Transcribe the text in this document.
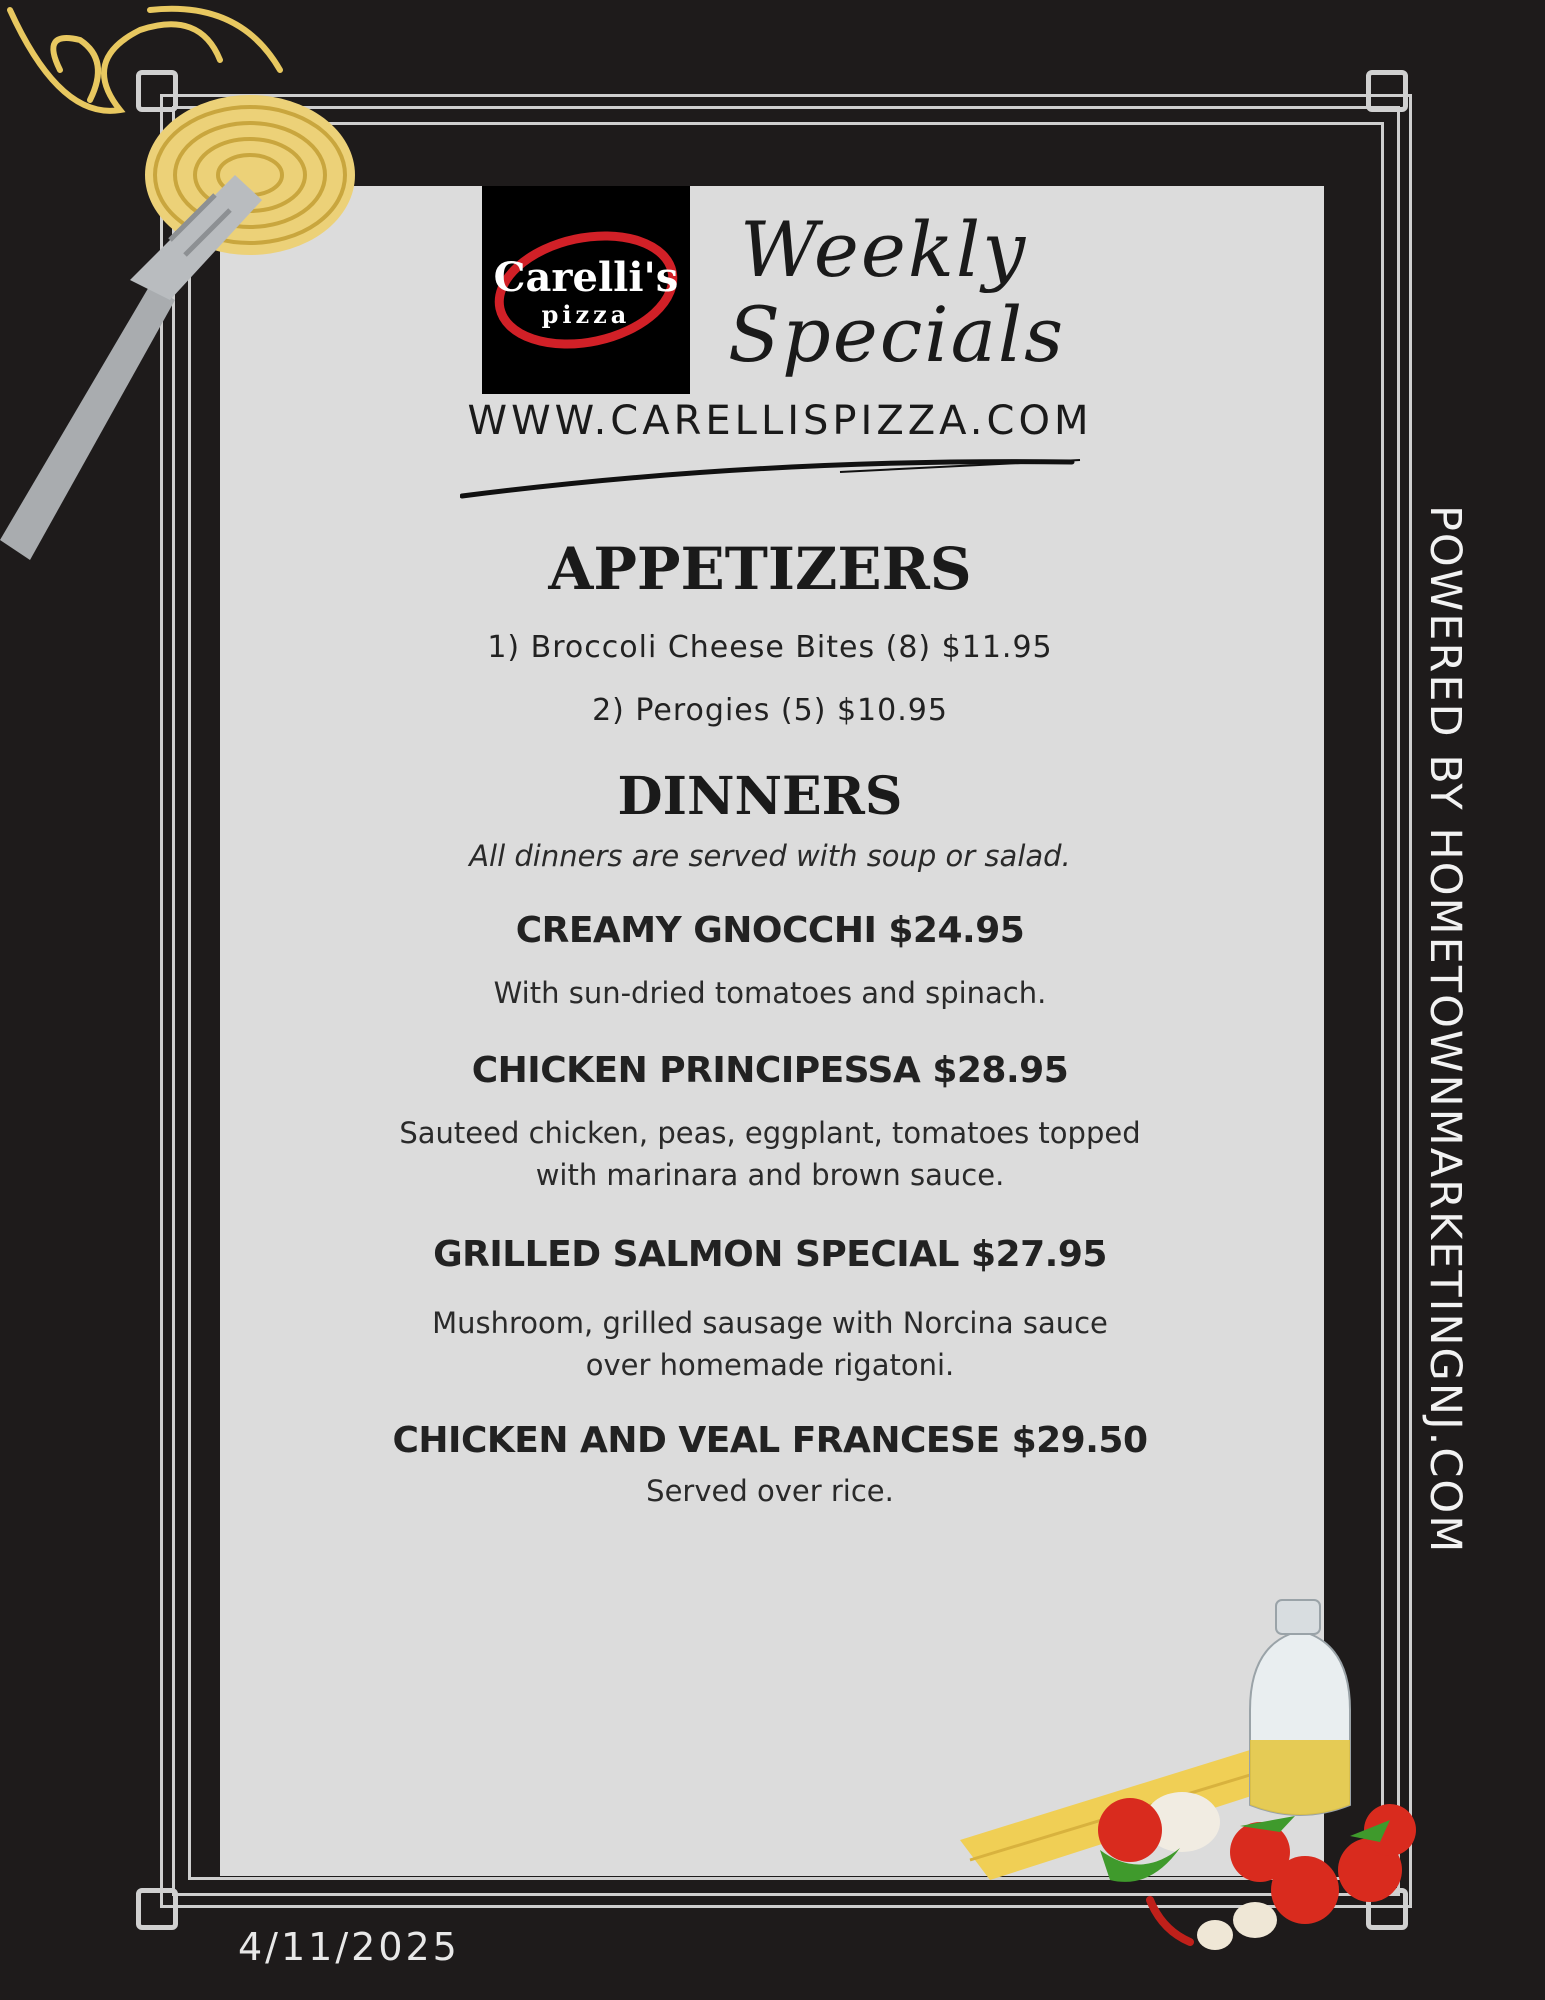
Carelli's
pizza
Weekly
Specials
WWW.CARELLISPIZZA.COM
APPETIZERS
1) Broccoli Cheese Bites (8) $11.95
2) Perogies (5) $10.95
DINNERS
All dinners are served with soup or salad.
CREAMY GNOCCHI $24.95
With sun-dried tomatoes and spinach.
CHICKEN PRINCIPESSA $28.95
Sauteed chicken, peas, eggplant, tomatoes topped
with marinara and brown sauce.
GRILLED SALMON SPECIAL $27.95
Mushroom, grilled sausage with Norcina sauce
over homemade rigatoni.
CHICKEN AND VEAL FRANCESE $29.50
Served over rice.	POWERED BY HOMETOWNMARKETINGNJ.COM
4/11/2025
